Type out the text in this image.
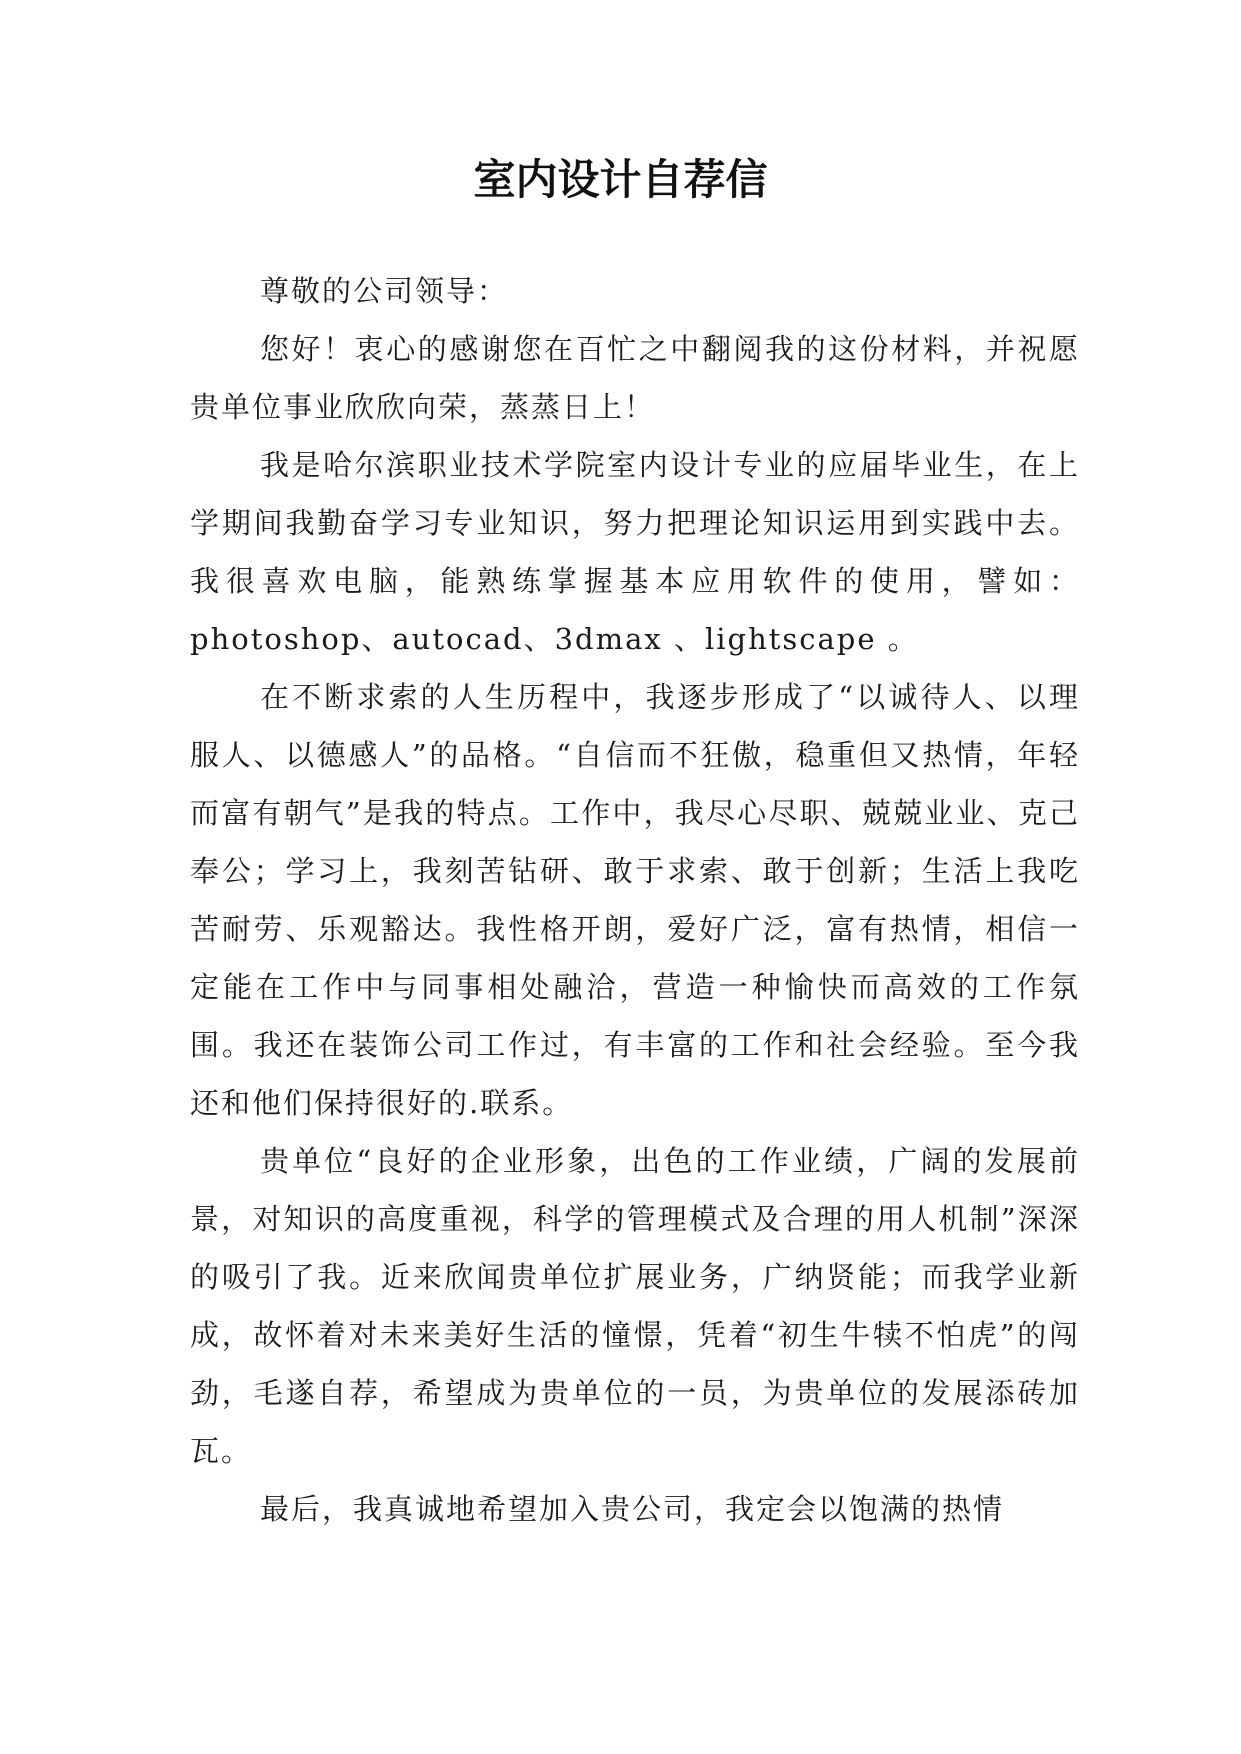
室内设计自荐信

尊敬的公司领导：

您好！衷心的感谢您在百忙之中翻阅我的这份材料，并祝愿贵单位事业欣欣向荣，蒸蒸日上！

我是哈尔滨职业技术学院室内设计专业的应届毕业生，在上学期间我勤奋学习专业知识，努力把理论知识运用到实践中去。我很喜欢电脑，能熟练掌握基本应用软件的使用，譬如：photoshop、autocad、3dmax 、lightscape 。

在不断求索的人生历程中，我逐步形成了“以诚待人、以理服人、以德感人”的品格。“自信而不狂傲，稳重但又热情，年轻而富有朝气”是我的特点。工作中，我尽心尽职、兢兢业业、克己奉公；学习上，我刻苦钻研、敢于求索、敢于创新；生活上我吃苦耐劳、乐观豁达。我性格开朗，爱好广泛，富有热情，相信一定能在工作中与同事相处融洽，营造一种愉快而高效的工作氛围。我还在装饰公司工作过，有丰富的工作和社会经验。至今我还和他们保持很好的.联系。

贵单位“良好的企业形象，出色的工作业绩，广阔的发展前景，对知识的高度重视，科学的管理模式及合理的用人机制”深深的吸引了我。近来欣闻贵单位扩展业务，广纳贤能；而我学业新成，故怀着对未来美好生活的憧憬，凭着“初生牛犊不怕虎”的闯劲，毛遂自荐，希望成为贵单位的一员，为贵单位的发展添砖加瓦。

最后，我真诚地希望加入贵公司，我定会以饱满的热情
